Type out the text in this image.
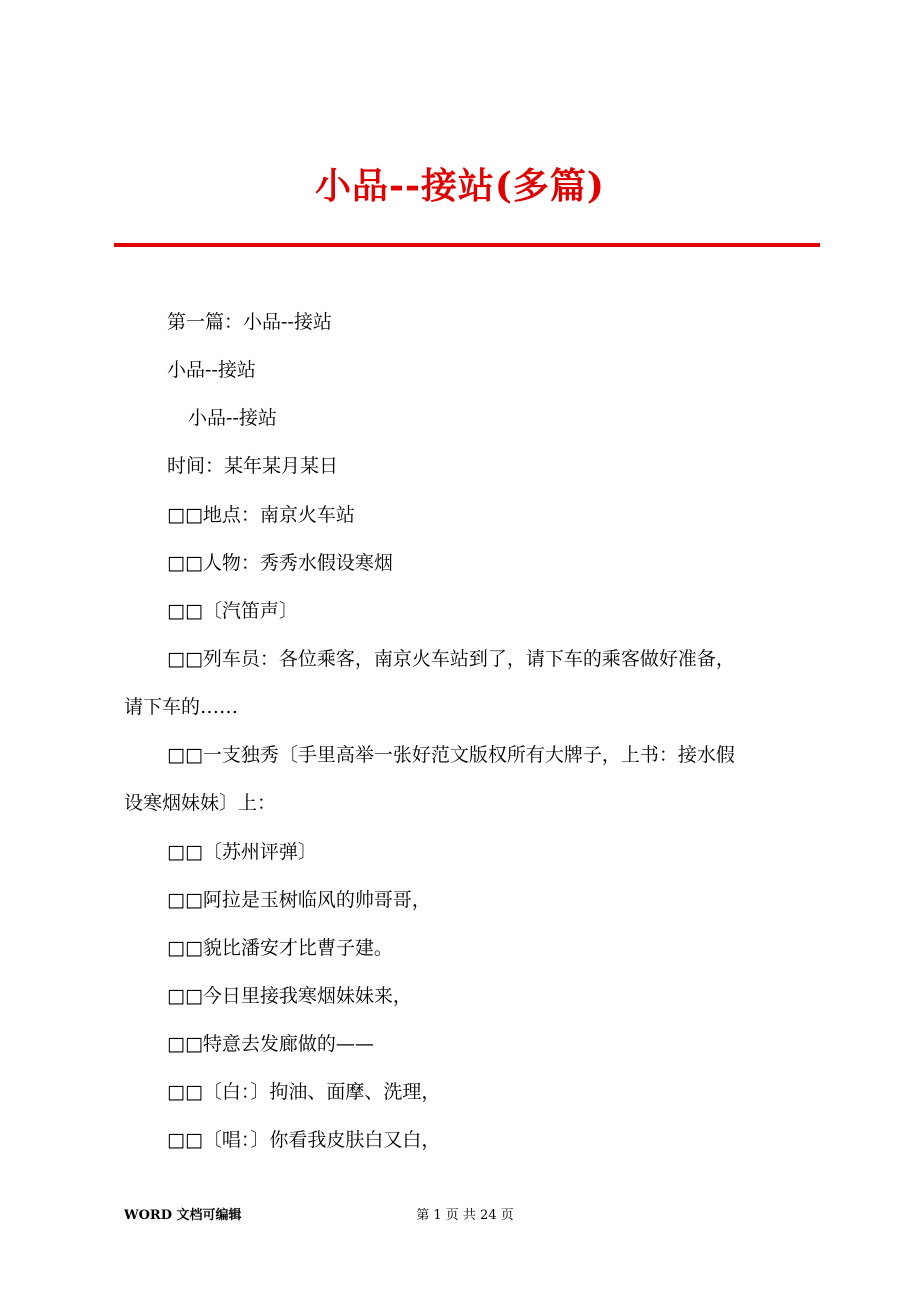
小品--接站(多篇)
第一篇：小品--接站
小品--接站
小品--接站
时间：某年某月某日
□□地点：南京火车站
□□人物：秀秀水假设寒烟
□□〔汽笛声〕
□□列车员：各位乘客，南京火车站到了，请下车的乘客做好准备，
请下车的……
□□一支独秀〔手里高举一张好范文版权所有大牌子，上书：接水假
设寒烟妹妹〕上：
□□〔苏州评弹〕
□□阿拉是玉树临风的帅哥哥，
□□貌比潘安才比曹子建。
□□今日里接我寒烟妹妹来，
□□特意去发廊做的——
□□〔白：〕拘油、面摩、洗理，
□□〔唱：〕你看我皮肤白又白，
WORD 文档可编辑	第 1 页 共 24 页
